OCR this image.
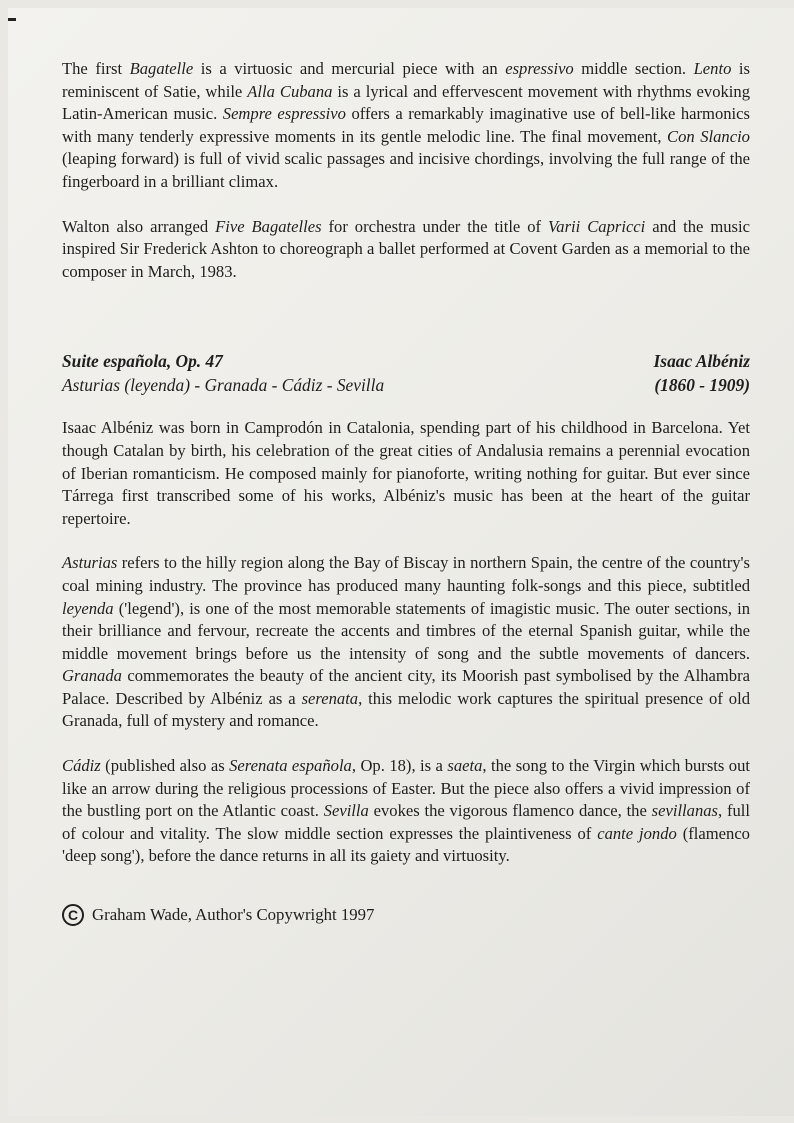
The first Bagatelle is a virtuosic and mercurial piece with an espressivo middle section. Lento is reminiscent of Satie, while Alla Cubana is a lyrical and effervescent movement with rhythms evoking Latin-American music. Sempre espressivo offers a remarkably imaginative use of bell-like harmonics with many tenderly expressive moments in its gentle melodic line. The final movement, Con Slancio (leaping forward) is full of vivid scalic passages and incisive chordings, involving the full range of the fingerboard in a brilliant climax.

Walton also arranged Five Bagatelles for orchestra under the title of Varii Capricci and the music inspired Sir Frederick Ashton to choreograph a ballet performed at Covent Garden as a memorial to the composer in March, 1983.

Suite española, Op. 47
Asturias (leyenda) - Granada - Cádiz - Sevilla
Isaac Albéniz
(1860 - 1909)

Isaac Albéniz was born in Camprodón in Catalonia, spending part of his childhood in Barcelona. Yet though Catalan by birth, his celebration of the great cities of Andalusia remains a perennial evocation of Iberian romanticism. He composed mainly for pianoforte, writing nothing for guitar. But ever since Tárrega first transcribed some of his works, Albéniz's music has been at the heart of the guitar repertoire.

Asturias refers to the hilly region along the Bay of Biscay in northern Spain, the centre of the country's coal mining industry. The province has produced many haunting folk-songs and this piece, subtitled leyenda ('legend'), is one of the most memorable statements of imagistic music. The outer sections, in their brilliance and fervour, recreate the accents and timbres of the eternal Spanish guitar, while the middle movement brings before us the intensity of song and the subtle movements of dancers. Granada commemorates the beauty of the ancient city, its Moorish past symbolised by the Alhambra Palace. Described by Albéniz as a serenata, this melodic work captures the spiritual presence of old Granada, full of mystery and romance.

Cádiz (published also as Serenata española, Op. 18), is a saeta, the song to the Virgin which bursts out like an arrow during the religious processions of Easter. But the piece also offers a vivid impression of the bustling port on the Atlantic coast. Sevilla evokes the vigorous flamenco dance, the sevillanas, full of colour and vitality. The slow middle section expresses the plaintiveness of cante jondo (flamenco 'deep song'), before the dance returns in all its gaiety and virtuosity.

C Graham Wade, Author's Copywright 1997
